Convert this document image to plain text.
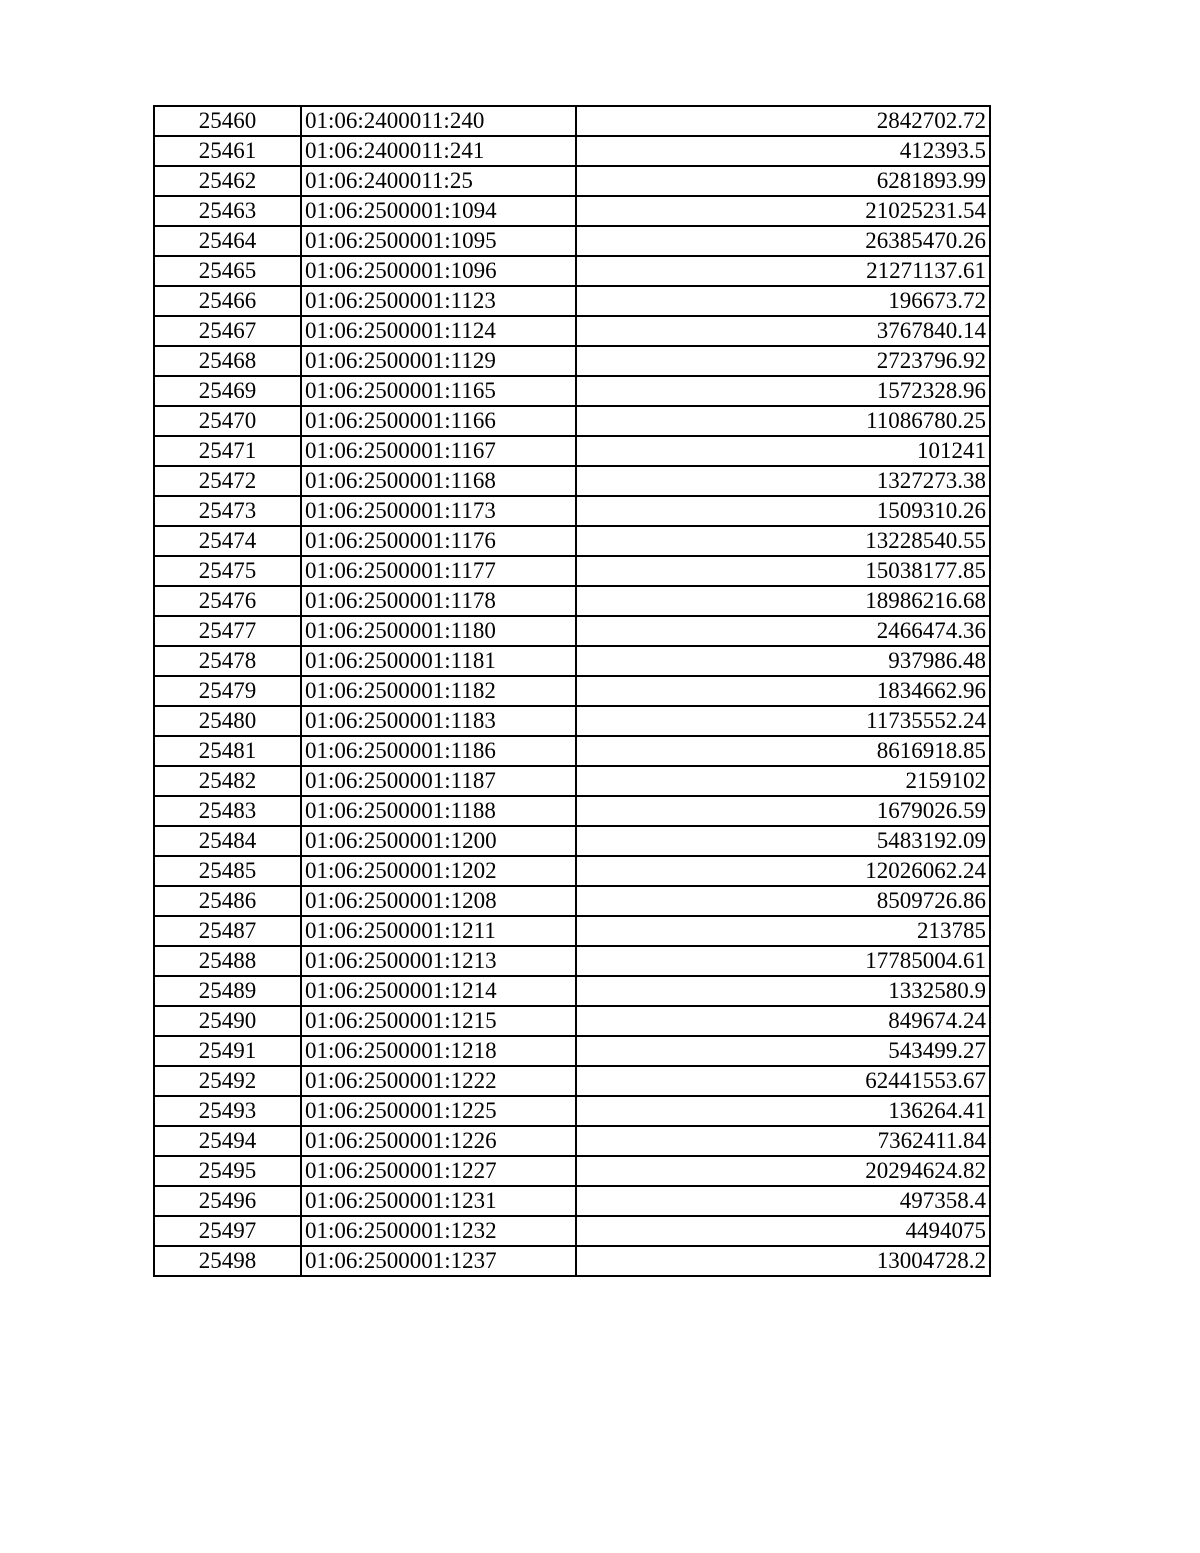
25460	01:06:2400011:240	2842702.72
25461	01:06:2400011:241	412393.5
25462	01:06:2400011:25	6281893.99
25463	01:06:2500001:1094	21025231.54
25464	01:06:2500001:1095	26385470.26
25465	01:06:2500001:1096	21271137.61
25466	01:06:2500001:1123	196673.72
25467	01:06:2500001:1124	3767840.14
25468	01:06:2500001:1129	2723796.92
25469	01:06:2500001:1165	1572328.96
25470	01:06:2500001:1166	11086780.25
25471	01:06:2500001:1167	101241
25472	01:06:2500001:1168	1327273.38
25473	01:06:2500001:1173	1509310.26
25474	01:06:2500001:1176	13228540.55
25475	01:06:2500001:1177	15038177.85
25476	01:06:2500001:1178	18986216.68
25477	01:06:2500001:1180	2466474.36
25478	01:06:2500001:1181	937986.48
25479	01:06:2500001:1182	1834662.96
25480	01:06:2500001:1183	11735552.24
25481	01:06:2500001:1186	8616918.85
25482	01:06:2500001:1187	2159102
25483	01:06:2500001:1188	1679026.59
25484	01:06:2500001:1200	5483192.09
25485	01:06:2500001:1202	12026062.24
25486	01:06:2500001:1208	8509726.86
25487	01:06:2500001:1211	213785
25488	01:06:2500001:1213	17785004.61
25489	01:06:2500001:1214	1332580.9
25490	01:06:2500001:1215	849674.24
25491	01:06:2500001:1218	543499.27
25492	01:06:2500001:1222	62441553.67
25493	01:06:2500001:1225	136264.41
25494	01:06:2500001:1226	7362411.84
25495	01:06:2500001:1227	20294624.82
25496	01:06:2500001:1231	497358.4
25497	01:06:2500001:1232	4494075
25498	01:06:2500001:1237	13004728.2
